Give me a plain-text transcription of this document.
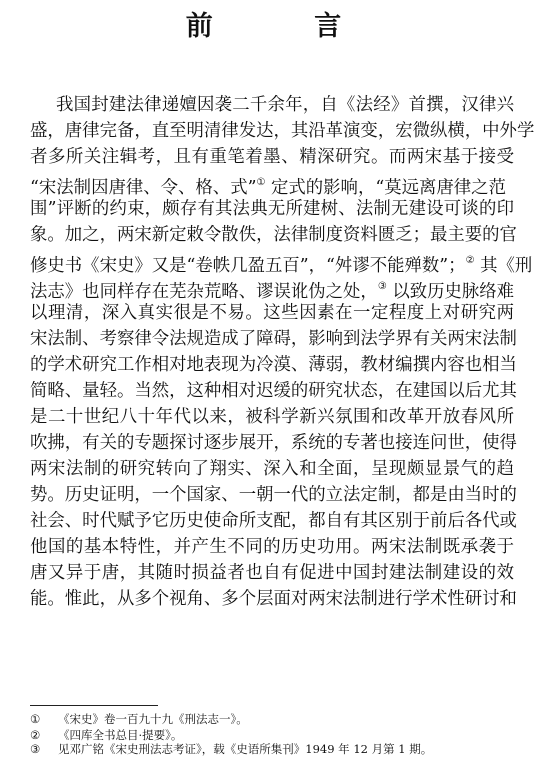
前 言
我国封建法律递嬗因袭二千余年，自《法经》首撰，汉律兴
盛，唐律完备，直至明清律发达，其沿革演变，宏微纵横，中外学
者多所关注辑考，且有重笔着墨、精深研究。而两宋基于接受
“宋法制因唐律、令、格、式”① 定式的影响，“莫远离唐律之范
围”评断的约束，颇存有其法典无所建树、法制无建设可谈的印
象。加之，两宋新定敕令散佚，法律制度资料匮乏；最主要的官
修史书《宋史》又是“卷帙几盈五百”，“舛谬不能殚数”；② 其《刑
法志》也同样存在芜杂荒略、谬误讹伪之处，③ 以致历史脉络难
以理清，深入真实很是不易。这些因素在一定程度上对研究两
宋法制、考察律令法规造成了障碍，影响到法学界有关两宋法制
的学术研究工作相对地表现为冷漠、薄弱，教材编撰内容也相当
简略、量轻。当然，这种相对迟缓的研究状态，在建国以后尤其
是二十世纪八十年代以来，被科学新兴氛围和改革开放春风所
吹拂，有关的专题探讨逐步展开，系统的专著也接连问世，使得
两宋法制的研究转向了翔实、深入和全面，呈现颇显景气的趋
势。历史证明，一个国家、一朝一代的立法定制，都是由当时的
社会、时代赋予它历史使命所支配，都自有其区别于前后各代或
他国的基本特性，并产生不同的历史功用。两宋法制既承袭于
唐又异于唐，其随时损益者也自有促进中国封建法制建设的效
能。惟此，从多个视角、多个层面对两宋法制进行学术性研讨和
① 《宋史》卷一百九十九《刑法志一》。
② 《四库全书总目·提要》。
③ 见邓广铭《宋史刑法志考证》，载《史语所集刊》1949 年 12 月第 1 期。
